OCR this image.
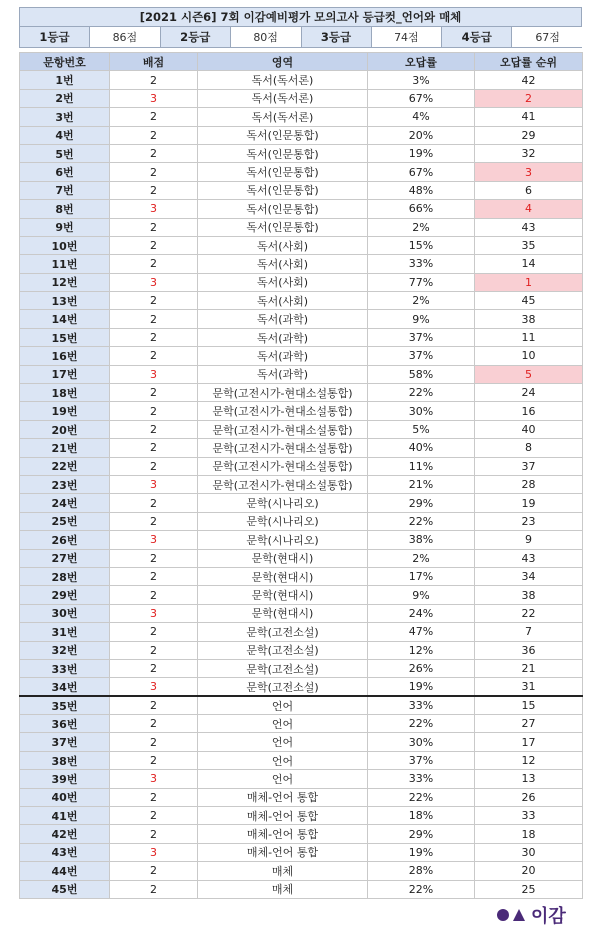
[2021 시즌6] 7회 이감예비평가 모의고사 등급컷_언어와 매체
1등급	86점	2등급	80점	3등급	74점	4등급	67점
문항번호	배점	영역	오답률	오답률 순위
1번	2	독서(독서론)	3%	42
2번	3	독서(독서론)	67%	2
3번	2	독서(독서론)	4%	41
4번	2	독서(인문통합)	20%	29
5번	2	독서(인문통합)	19%	32
6번	2	독서(인문통합)	67%	3
7번	2	독서(인문통합)	48%	6
8번	3	독서(인문통합)	66%	4
9번	2	독서(인문통합)	2%	43
10번	2	독서(사회)	15%	35
11번	2	독서(사회)	33%	14
12번	3	독서(사회)	77%	1
13번	2	독서(사회)	2%	45
14번	2	독서(과학)	9%	38
15번	2	독서(과학)	37%	11
16번	2	독서(과학)	37%	10
17번	3	독서(과학)	58%	5
18번	2	문학(고전시가-현대소설통합)	22%	24
19번	2	문학(고전시가-현대소설통합)	30%	16
20번	2	문학(고전시가-현대소설통합)	5%	40
21번	2	문학(고전시가-현대소설통합)	40%	8
22번	2	문학(고전시가-현대소설통합)	11%	37
23번	3	문학(고전시가-현대소설통합)	21%	28
24번	2	문학(시나리오)	29%	19
25번	2	문학(시나리오)	22%	23
26번	3	문학(시나리오)	38%	9
27번	2	문학(현대시)	2%	43
28번	2	문학(현대시)	17%	34
29번	2	문학(현대시)	9%	38
30번	3	문학(현대시)	24%	22
31번	2	문학(고전소설)	47%	7
32번	2	문학(고전소설)	12%	36
33번	2	문학(고전소설)	26%	21
34번	3	문학(고전소설)	19%	31
35번	2	언어	33%	15
36번	2	언어	22%	27
37번	2	언어	30%	17
38번	2	언어	37%	12
39번	3	언어	33%	13
40번	2	매체-언어 통합	22%	26
41번	2	매체-언어 통합	18%	33
42번	2	매체-언어 통합	29%	18
43번	3	매체-언어 통합	19%	30
44번	2	매체	28%	20
45번	2	매체	22%	25
이감
